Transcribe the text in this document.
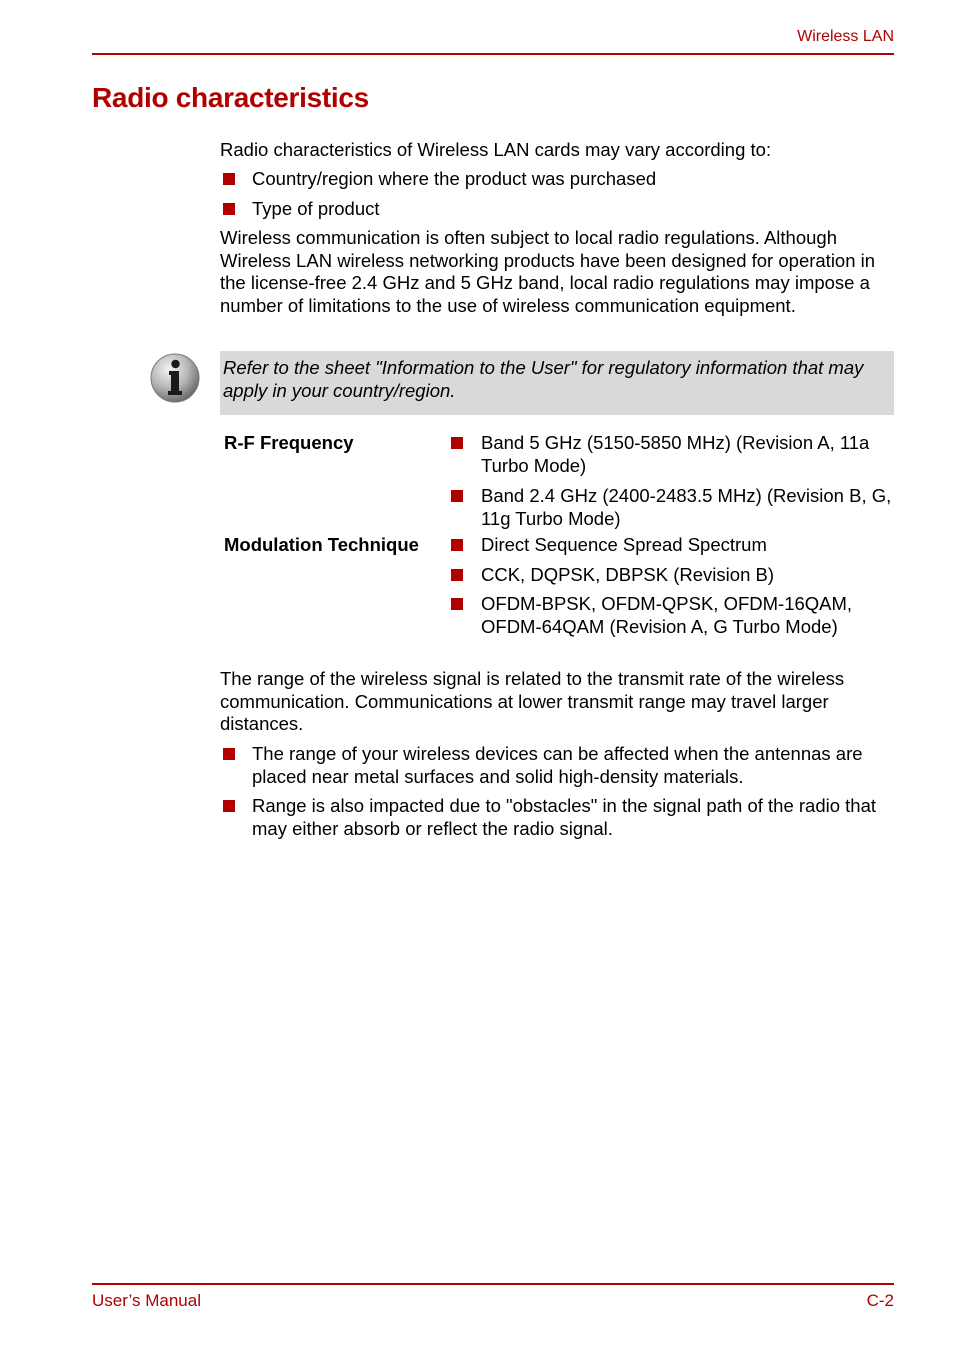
Wireless LAN
Radio characteristics

Radio characteristics of Wireless LAN cards may vary according to:

Country/region where the product was purchased
Type of product

Wireless communication is often subject to local radio regulations. Although Wireless LAN wireless networking products have been designed for operation in the license-free 2.4 GHz and 5 GHz band, local radio regulations may impose a number of limitations to the use of wireless communication equipment.

Refer to the sheet "Information to the User" for regulatory information that may apply in your country/region.

R-F Frequency	Band 5 GHz (5150-5850 MHz) (Revision A, 11a Turbo Mode)
Band 2.4 GHz (2400-2483.5 MHz) (Revision B, G, 11g Turbo Mode)
Modulation Technique	Direct Sequence Spread Spectrum
CCK, DQPSK, DBPSK (Revision B)
OFDM-BPSK, OFDM-QPSK, OFDM-16QAM, OFDM-64QAM (Revision A, G Turbo Mode)

The range of the wireless signal is related to the transmit rate of the wireless communication. Communications at lower transmit range may travel larger distances.

The range of your wireless devices can be affected when the antennas are placed near metal surfaces and solid high-density materials.
Range is also impacted due to "obstacles" in the signal path of the radio that may either absorb or reflect the radio signal.
User’s Manual	C-2
